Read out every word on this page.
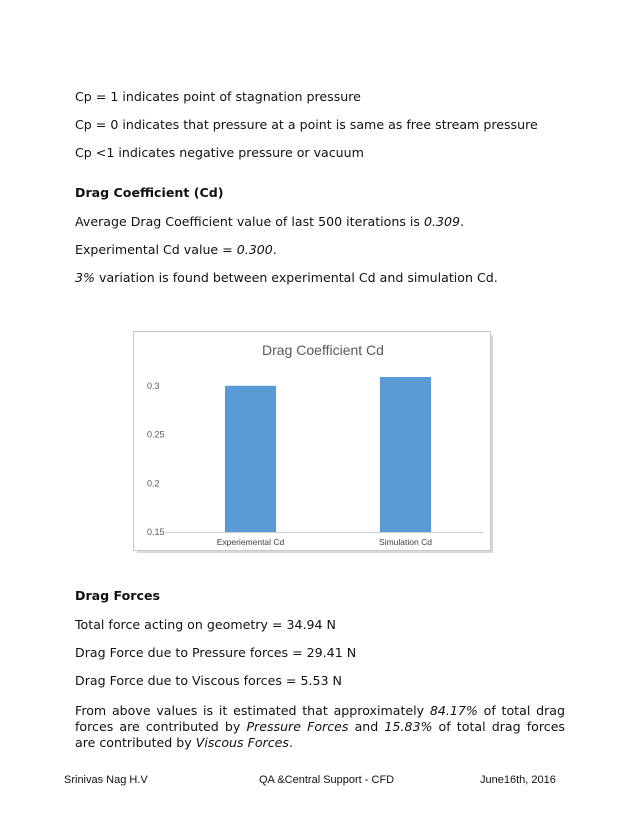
Cp = 1 indicates point of stagnation pressure

Cp = 0 indicates that pressure at a point is same as free stream pressure

Cp <1 indicates negative pressure or vacuum

Drag Coefficient (Cd)

Average Drag Coefficient value of last 500 iterations is 0.309.

Experimental Cd value = 0.300.

3% variation is found between experimental Cd and simulation Cd.

Drag Coefficient Cd
0.15
0.2
0.25
0.3
Experiemental Cd	Simulation Cd

Drag Forces

Total force acting on geometry = 34.94 N

Drag Force due to Pressure forces = 29.41 N

Drag Force due to Viscous forces = 5.53 N

From above values is it estimated that approximately 84.17% of total drag forces are contributed by Pressure Forces and 15.83% of total drag forces are contributed by Viscous Forces.

Srinivas Nag H.V	QA &Central Support - CFD	June16th, 2016
